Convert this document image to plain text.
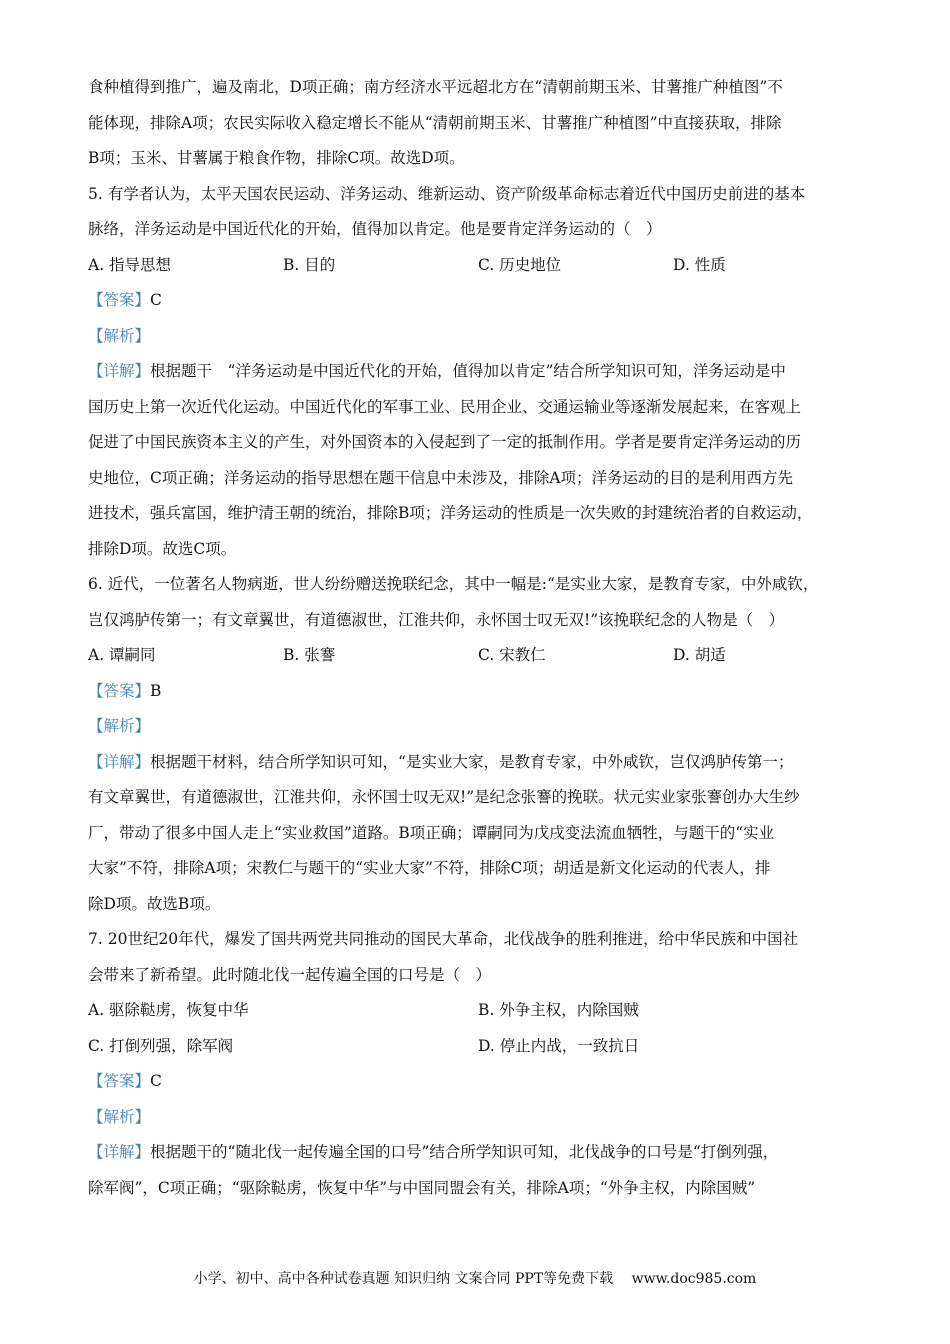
食种植得到推广，遍及南北，D项正确；南方经济水平远超北方在“清朝前期玉米、甘薯推广种植图”不

能体现，排除A项；农民实际收入稳定增长不能从“清朝前期玉米、甘薯推广种植图”中直接获取，排除

B项；玉米、甘薯属于粮食作物，排除C项。故选D项。

5. 有学者认为，太平天国农民运动、洋务运动、维新运动、资产阶级革命标志着近代中国历史前进的基本

脉络，洋务运动是中国近代化的开始，值得加以肯定。他是要肯定洋务运动的（　）

A. 指导思想	B. 目的	C. 历史地位	D. 性质

【答案】C

【解析】

【详解】根据题干　“洋务运动是中国近代化的开始，值得加以肯定”结合所学知识可知，洋务运动是中

国历史上第一次近代化运动。中国近代化的军事工业、民用企业、交通运输业等逐渐发展起来，在客观上

促进了中国民族资本主义的产生，对外国资本的入侵起到了一定的抵制作用。学者是要肯定洋务运动的历

史地位，C项正确；洋务运动的指导思想在题干信息中未涉及，排除A项；洋务运动的目的是利用西方先

进技术，强兵富国，维护清王朝的统治，排除B项；洋务运动的性质是一次失败的封建统治者的自救运动，

排除D项。故选C项。

6. 近代，一位著名人物病逝，世人纷纷赠送挽联纪念，其中一幅是:“是实业大家，是教育专家，中外咸钦，

岂仅鸿胪传第一；有文章翼世，有道德淑世，江淮共仰，永怀国士叹无双!”该挽联纪念的人物是（　）

A. 谭嗣同	B. 张謇	C. 宋教仁	D. 胡适

【答案】B

【解析】

【详解】根据题干材料，结合所学知识可知，“是实业大家，是教育专家，中外咸钦，岂仅鸿胪传第一；

有文章翼世，有道德淑世，江淮共仰，永怀国士叹无双!”是纪念张謇的挽联。状元实业家张謇创办大生纱

厂，带动了很多中国人走上“实业救国”道路。B项正确；谭嗣同为戊戌变法流血牺牲，与题干的“实业

大家”不符，排除A项；宋教仁与题干的“实业大家”不符，排除C项；胡适是新文化运动的代表人，排

除D项。故选B项。

7. 20世纪20年代，爆发了国共两党共同推动的国民大革命，北伐战争的胜利推进，给中华民族和中国社

会带来了新希望。此时随北伐一起传遍全国的口号是（　）

A. 驱除鞑虏，恢复中华	B. 外争主权，内除国贼
C. 打倒列强，除军阀	D. 停止内战，一致抗日

【答案】C

【解析】

【详解】根据题干的“随北伐一起传遍全国的口号”结合所学知识可知，北伐战争的口号是“打倒列强，

除军阀”，C项正确；“驱除鞑虏，恢复中华”与中国同盟会有关，排除A项；“外争主权，内除国贼”

小学、初中、高中各种试卷真题 知识归纳 文案合同 PPT等免费下载　 www.doc985.com
